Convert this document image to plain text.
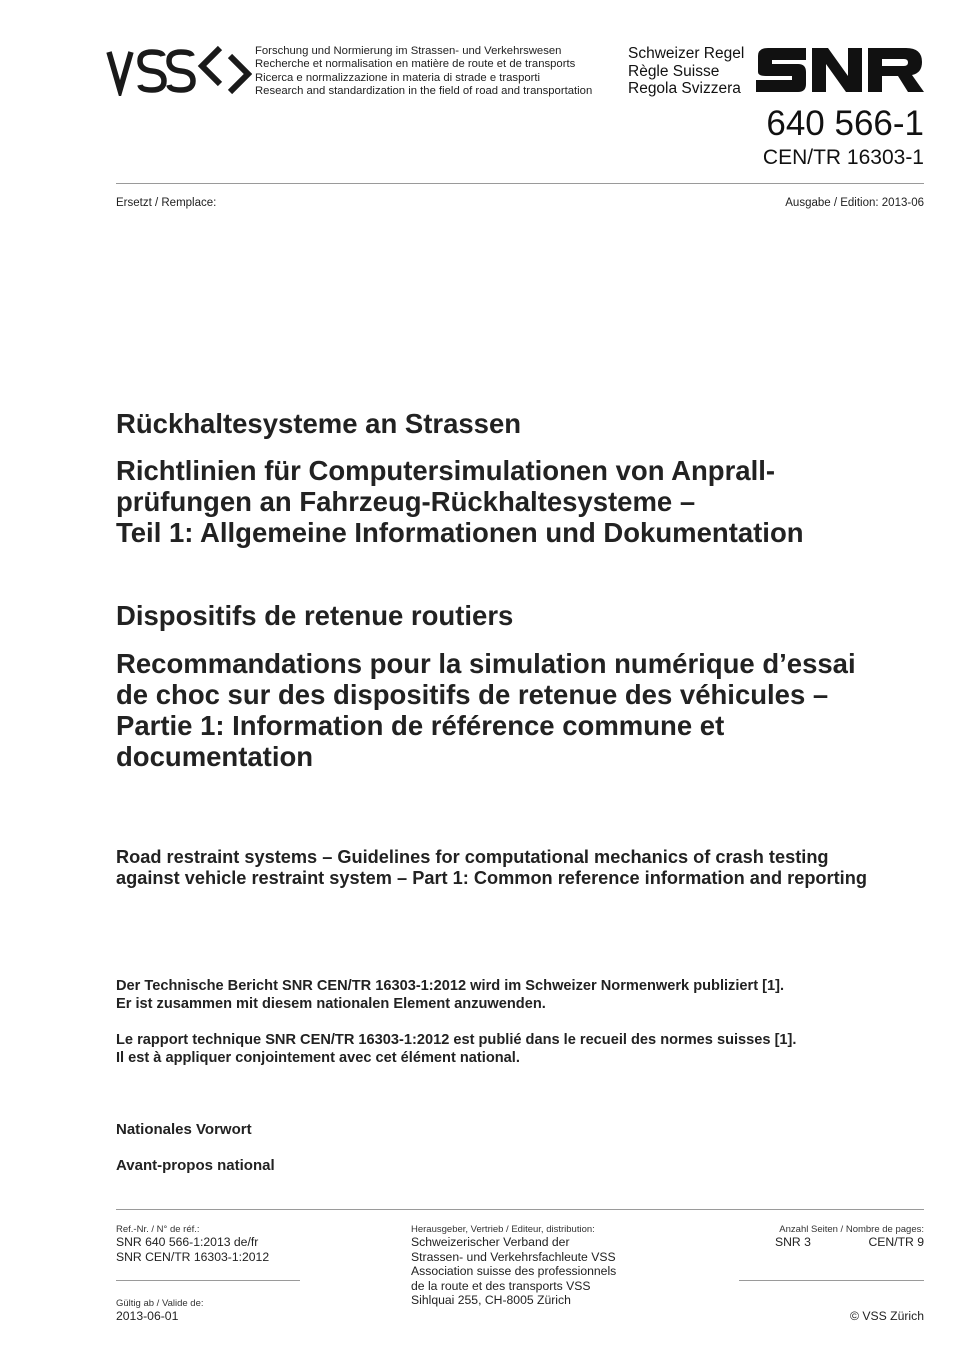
Forschung und Normierung im Strassen- und Verkehrswesen
Recherche et normalisation en matière de route et de transports
Ricerca e normalizzazione in materia di strade e trasporti
Research and standardization in the field of road and transportation
Schweizer Regel
Règle Suisse
Regola Svizzera
640 566-1
CEN/TR 16303-1
Ersetzt / Remplace:	Ausgabe / Edition: 2013-06
Rückhaltesysteme an Strassen
Richtlinien für Computersimulationen von Anprall-
prüfungen an Fahrzeug-Rückhaltesysteme –
Teil 1: Allgemeine Informationen und Dokumentation
Dispositifs de retenue routiers
Recommandations pour la simulation numérique d’essai
de choc sur des dispositifs de retenue des véhicules –
Partie 1: Information de référence commune et
documentation
Road restraint systems – Guidelines for computational mechanics of crash testing
against vehicle restraint system – Part 1: Common reference information and reporting
Der Technische Bericht SNR CEN/TR 16303-1:2012 wird im Schweizer Normenwerk publiziert [1].
Er ist zusammen mit diesem nationalen Element anzuwenden.
Le rapport technique SNR CEN/TR 16303-1:2012 est publié dans le recueil des normes suisses [1].
Il est à appliquer conjointement avec cet élément national.
Nationales Vorwort
Avant-propos national
Ref.-Nr. / N° de réf.:
SNR 640 566-1:2013 de/fr
SNR CEN/TR 16303-1:2012
Gültig ab / Valide de:
2013-06-01
Herausgeber, Vertrieb / Editeur, distribution:
Schweizerischer Verband der
Strassen- und Verkehrsfachleute VSS
Association suisse des professionnels
de la route et des transports VSS
Sihlquai 255, CH-8005 Zürich
Anzahl Seiten / Nombre de pages:
SNR 3	CEN/TR 9
© VSS Zürich
